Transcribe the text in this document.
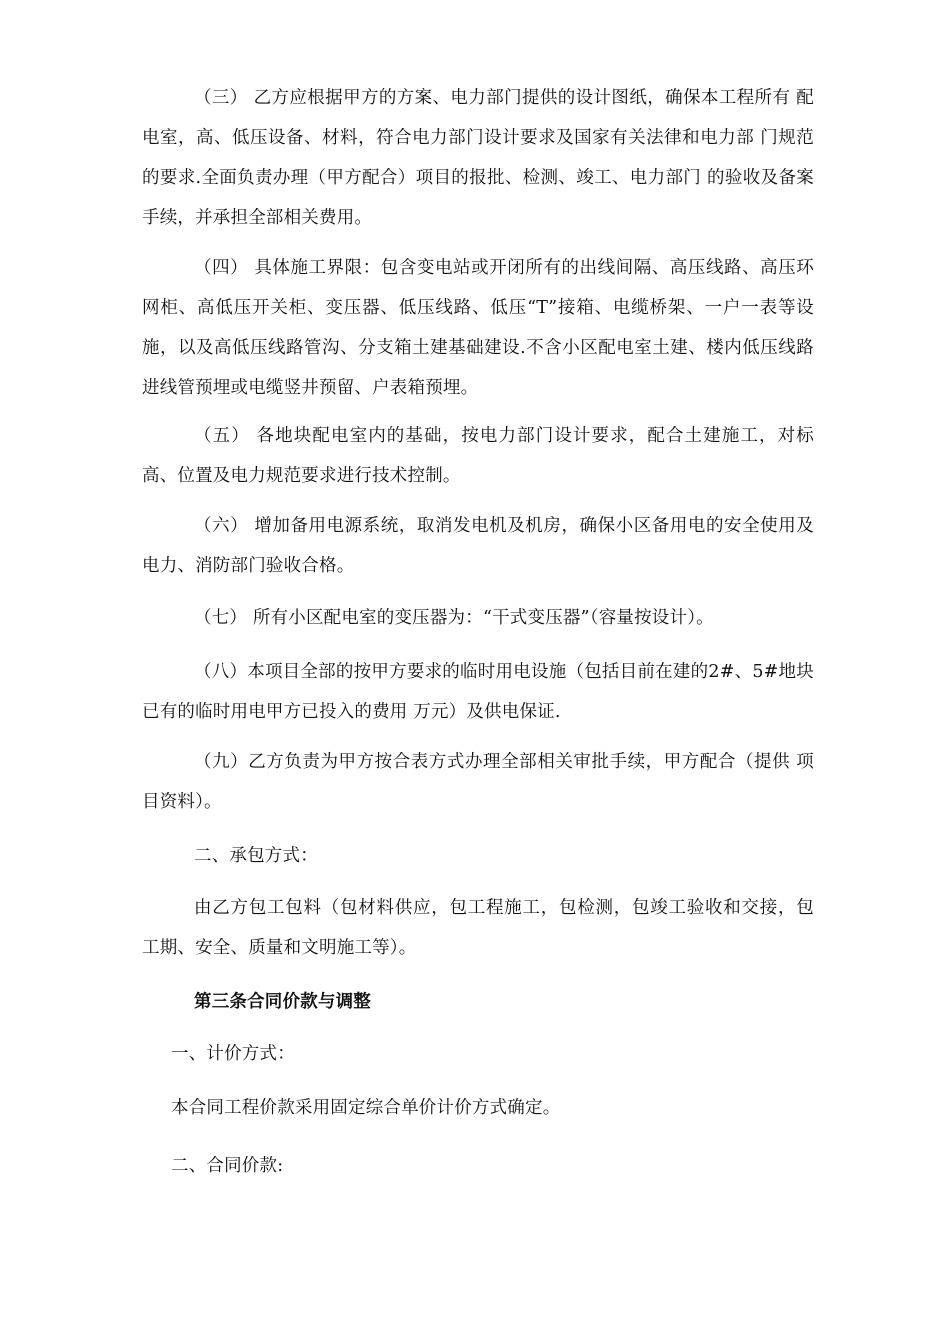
（三） 乙方应根据甲方的方案、电力部门提供的设计图纸，确保本工程所有 配电室，高、低压设备、材料，符合电力部门设计要求及国家有关法律和电力部 门规范的要求.全面负责办理（甲方配合）项目的报批、检测、竣工、电力部门 的验收及备案手续，并承担全部相关费用。

（四） 具体施工界限：包含变电站或开闭所有的出线间隔、高压线路、高压环网柜、高低压开关柜、变压器、低压线路、低压“T”接箱、电缆桥架、一户一表等设施，以及高低压线路管沟、分支箱土建基础建设.不含小区配电室土建、楼内低压线路进线管预埋或电缆竖井预留、户表箱预埋。

（五） 各地块配电室内的基础，按电力部门设计要求，配合土建施工，对标高、位置及电力规范要求进行技术控制。

（六） 增加备用电源系统，取消发电机及机房，确保小区备用电的安全使用及电力、消防部门验收合格。

（七） 所有小区配电室的变压器为：“干式变压器”（容量按设计）。

（八）本项目全部的按甲方要求的临时用电设施（包括目前在建的2#、5#地块已有的临时用电甲方已投入的费用 万元）及供电保证.

（九）乙方负责为甲方按合表方式办理全部相关审批手续，甲方配合（提供 项目资料）。

二、承包方式：

由乙方包工包料（包材料供应，包工程施工，包检测，包竣工验收和交接，包 工期、安全、质量和文明施工等）。

第三条合同价款与调整

一、计价方式：

本合同工程价款采用固定综合单价计价方式确定。

二、合同价款:
